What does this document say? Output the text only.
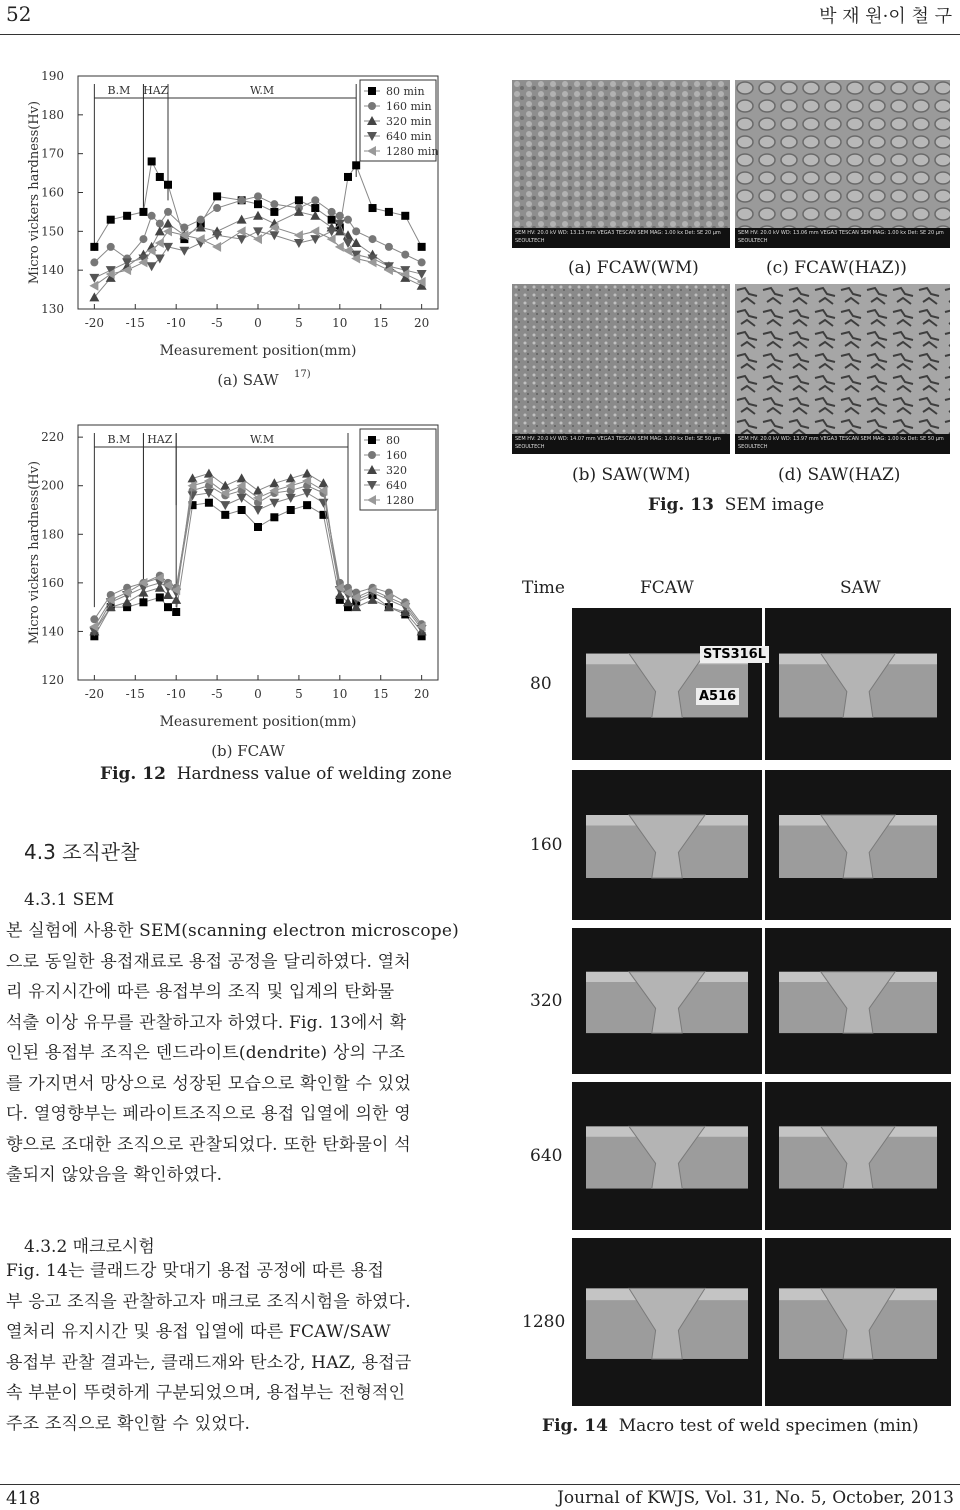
52	박 재 원·이 철 구
130
140
150
160
170
180
190
-20 -15 -10 -5	0	5 10 15 20
Micro vickers hardness(Hv)
Measurement position(mm)
(a) SAW 17)
B.M HAZ	W.M	80 min
160 min
320 min
640 min
1280 min
120
140
160
180
200
220
-20 -15 -10 -5	0	5 10 15 20
Micro vickers hardness(Hv)
Measurement position(mm)
(b) FCAW
B.M HAZ	W.M	80
160
320
640
1280
Fig. 12 Hardness value of welding zone
SEM HV: 20.0 kV WD: 13.13 mm VEGA3 TESCAN SEM MAG: 1.00 kx Det: SE 20 μm SEOULTECH
SEM HV: 20.0 kV WD: 13.06 mm VEGA3 TESCAN SEM MAG: 1.00 kx Det: SE 20 μm SEOULTECH
(a) FCAW(WM)	(c) FCAW(HAZ))
SEM HV: 20.0 kV WD: 14.07 mm VEGA3 TESCAN SEM MAG: 1.00 kx Det: SE 50 μm SEOULTECH
SEM HV: 20.0 kV WD: 13.97 mm VEGA3 TESCAN SEM MAG: 1.00 kx Det: SE 50 μm SEOULTECH
(b) SAW(WM)	(d) SAW(HAZ)
Fig. 13 SEM image
Time	FCAW	SAW
80
160
320
640
1280
STS316L
A516
Fig. 14 Macro test of weld specimen (min)
4.3 조직관찰
4.3.1 SEM
본 실험에 사용한 SEM(scanning electron microscope)
으로 동일한 용접재료로 용접 공정을 달리하였다. 열처
리 유지시간에 따른 용접부의 조직 및 입계의 탄화물
석출 이상 유무를 관찰하고자 하였다. Fig. 13에서 확
인된 용접부 조직은 덴드라이트(dendrite) 상의 구조
를 가지면서 망상으로 성장된 모습으로 확인할 수 있었
다. 열영향부는 페라이트조직으로 용접 입열에 의한 영
향으로 조대한 조직으로 관찰되었다. 또한 탄화물이 석
출되지 않았음을 확인하였다.
4.3.2 매크로시험
Fig. 14는 클래드강 맞대기 용접 공정에 따른 용접
부 응고 조직을 관찰하고자 매크로 조직시험을 하였다.
열처리 유지시간 및 용접 입열에 따른 FCAW/SAW
용접부 관찰 결과는, 클래드재와 탄소강, HAZ, 용접금
속 부분이 뚜렷하게 구분되었으며, 용접부는 전형적인
주조 조직으로 확인할 수 있었다.
418	Journal of KWJS, Vol. 31, No. 5, October, 2013
